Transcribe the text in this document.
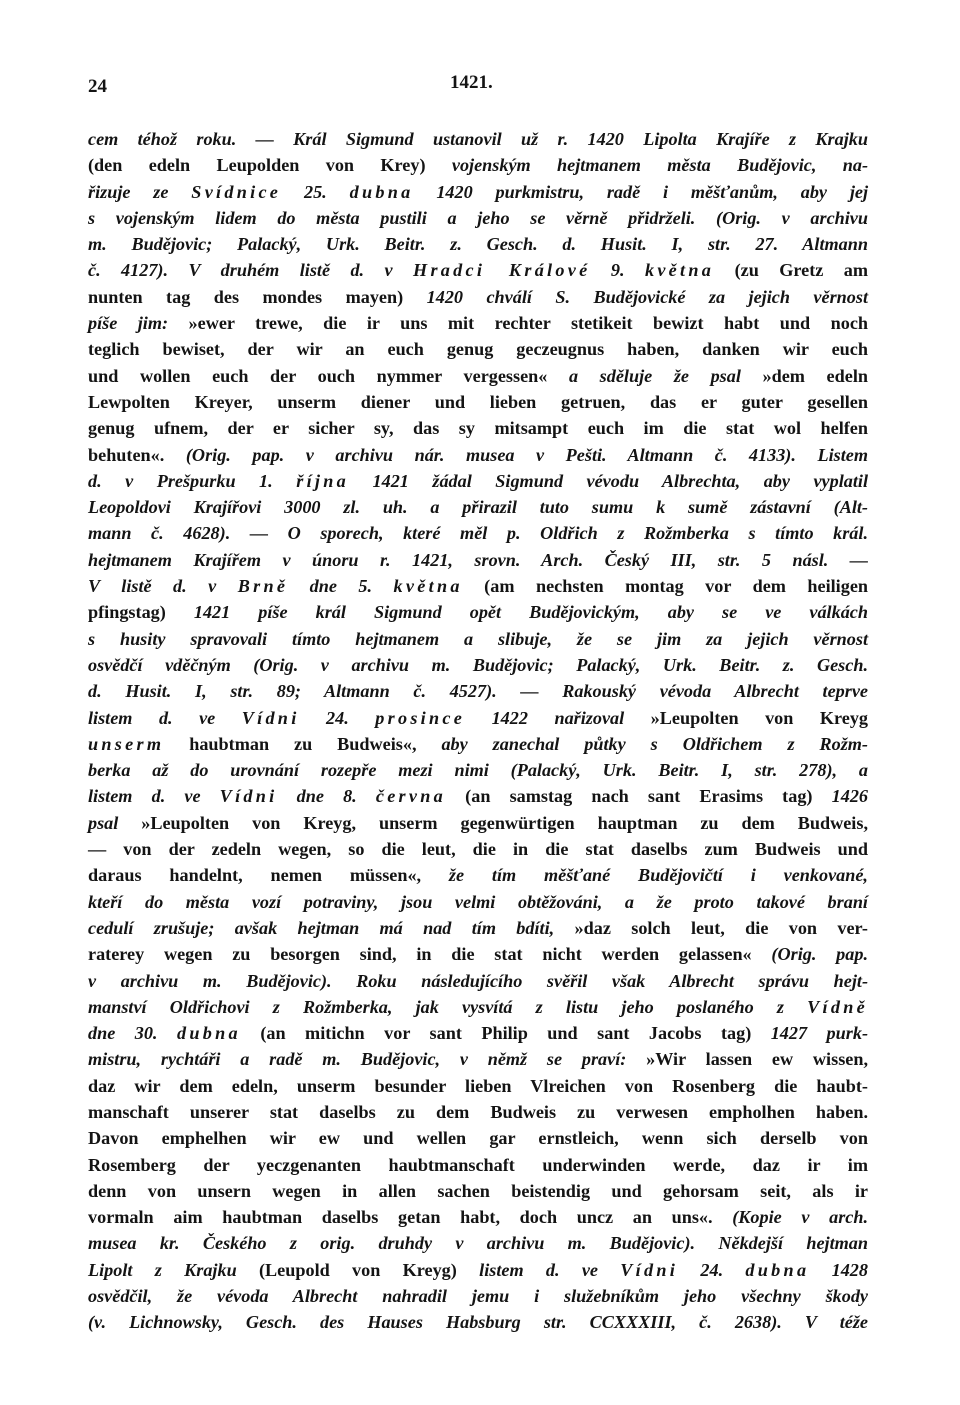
24	1421.
cem téhož roku. — Král Sigmund ustanovil už r. 1420 Lipolta Krajíře z Krajku
(den edeln Leupolden von Krey) vojenským hejtmanem města Budějovic, na-
řizuje ze Svídnice 25. dubna 1420 purkmistru, radě i měšťanům, aby jej
s vojenským lidem do města pustili a jeho se věrně přidrželi. (Orig. v archivu
m. Budějovic; Palacký, Urk. Beitr. z. Gesch. d. Husit. I, str. 27. Altmann
č. 4127). V druhém listě d. v Hradci Králové 9. května (zu Gretz am
nunten tag des mondes mayen) 1420 chválí S. Budějovické za jejich věrnost
píše jim: »ewer trewe, die ir uns mit rechter stetikeit bewizt habt und noch
teglich bewiset, der wir an euch genug geczeugnus haben, danken wir euch
und wollen euch der ouch nymmer vergessen« a sděluje že psal »dem edeln
Lewpolten Kreyer, unserm diener und lieben getruen, das er guter gesellen
genug ufnem, der er sicher sy, das sy mitsampt euch im die stat wol helfen
behuten«. (Orig. pap. v archivu nár. musea v Pešti. Altmann č. 4133). Listem
d. v Prešpurku 1. října 1421 žádal Sigmund vévodu Albrechta, aby vyplatil
Leopoldovi Krajířovi 3000 zl. uh. a přirazil tuto sumu k sumě zástavní (Alt-
mann č. 4628). — O sporech, které měl p. Oldřich z Rožmberka s tímto král.
hejtmanem Krajířem v únoru r. 1421, srovn. Arch. Český III, str. 5 násl. —
V listě d. v Brně dne 5. května (am nechsten montag vor dem heiligen
pfingstag) 1421 píše král Sigmund opět Budějovickým, aby se ve válkách
s husity spravovali tímto hejtmanem a slibuje, že se jim za jejich věrnost
osvědčí vděčným (Orig. v archivu m. Budějovic; Palacký, Urk. Beitr. z. Gesch.
d. Husit. I, str. 89; Altmann č. 4527). — Rakouský vévoda Albrecht teprve
listem d. ve Vídni 24. prosince 1422 nařizoval »Leupolten von Kreyg
unserm haubtman zu Budweis«, aby zanechal půtky s Oldřichem z Rožm-
berka až do urovnání rozepře mezi nimi (Palacký, Urk. Beitr. I, str. 278), a
listem d. ve Vídni dne 8. června (an samstag nach sant Erasims tag) 1426
psal »Leupolten von Kreyg, unserm gegenwürtigen hauptman zu dem Budweis,
— von der zedeln wegen, so die leut, die in die stat daselbs zum Budweis und
daraus handelnt, nemen müssen«, že tím měšťané Budějovičtí i venkované,
kteří do města vozí potraviny, jsou velmi obtěžováni, a že proto takové braní
cedulí zrušuje; avšak hejtman má nad tím bdíti, »daz solch leut, die von ver-
raterey wegen zu besorgen sind, in die stat nicht werden gelassen« (Orig. pap.
v archivu m. Budějovic). Roku následujícího svěřil však Albrecht správu hejt-
manství Oldřichovi z Rožmberka, jak vysvítá z listu jeho poslaného z Vídně
dne 30. dubna (an mitichn vor sant Philip und sant Jacobs tag) 1427 purk-
mistru, rychtáři a radě m. Budějovic, v němž se praví: »Wir lassen ew wissen,
daz wir dem edeln, unserm besunder lieben Vlreichen von Rosenberg die haubt-
manschaft unserer stat daselbs zu dem Budweis zu verwesen empholhen haben.
Davon emphelhen wir ew und wellen gar ernstleich, wenn sich derselb von
Rosemberg der yeczgenanten haubtmanschaft underwinden werde, daz ir im
denn von unsern wegen in allen sachen beistendig und gehorsam seit, als ir
vormaln aim haubtman daselbs getan habt, doch uncz an uns«. (Kopie v arch.
musea kr. Českého z orig. druhdy v archivu m. Budějovic). Někdejší hejtman
Lipolt z Krajku (Leupold von Kreyg) listem d. ve Vídni 24. dubna 1428
osvědčil, že vévoda Albrecht nahradil jemu i služebníkům jeho všechny škody
(v. Lichnowsky, Gesch. des Hauses Habsburg str. CCXXXIII, č. 2638). V téže
